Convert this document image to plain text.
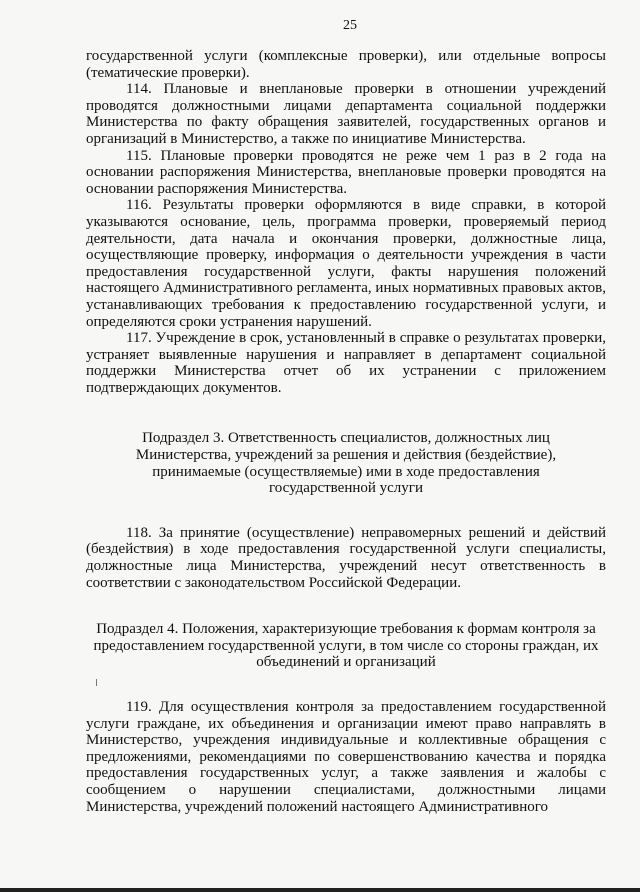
25

государственной услуги (комплексные проверки), или отдельные вопросы (тематические проверки).

114. Плановые и внеплановые проверки в отношении учреждений проводятся должностными лицами департамента социальной поддержки Министерства по факту обращения заявителей, государственных органов и организаций в Министерство, а также по инициативе Министерства.

115. Плановые проверки проводятся не реже чем 1 раз в 2 года на основании распоряжения Министерства, внеплановые проверки проводятся на основании распоряжения Министерства.

116. Результаты проверки оформляются в виде справки, в которой указываются основание, цель, программа проверки, проверяемый период деятельности, дата начала и окончания проверки, должностные лица, осуществляющие проверку, информация о деятельности учреждения в части предоставления государственной услуги, факты нарушения положений настоящего Административного регламента, иных нормативных правовых актов, устанавливающих требования к предоставлению государственной услуги, и определяются сроки устранения нарушений.

117. Учреждение в срок, установленный в справке о результатах проверки, устраняет выявленные нарушения и направляет в департамент социальной поддержки Министерства отчет об их устранении с приложением подтверждающих документов.

Подраздел 3. Ответственность специалистов, должностных лиц Министерства, учреждений за решения и действия (бездействие), принимаемые (осуществляемые) ими в ходе предоставления государственной услуги

118. За принятие (осуществление) неправомерных решений и действий (бездействия) в ходе предоставления государственной услуги специалисты, должностные лица Министерства, учреждений несут ответственность в соответствии с законодательством Российской Федерации.

Подраздел 4. Положения, характеризующие требования к формам контроля за предоставлением государственной услуги, в том числе со стороны граждан, их объединений и организаций

119. Для осуществления контроля за предоставлением государственной услуги граждане, их объединения и организации имеют право направлять в Министерство, учреждения индивидуальные и коллективные обращения с предложениями, рекомендациями по совершенствованию качества и порядка предоставления государственных услуг, а также заявления и жалобы с сообщением о нарушении специалистами, должностными лицами Министерства, учреждений положений настоящего Административного
